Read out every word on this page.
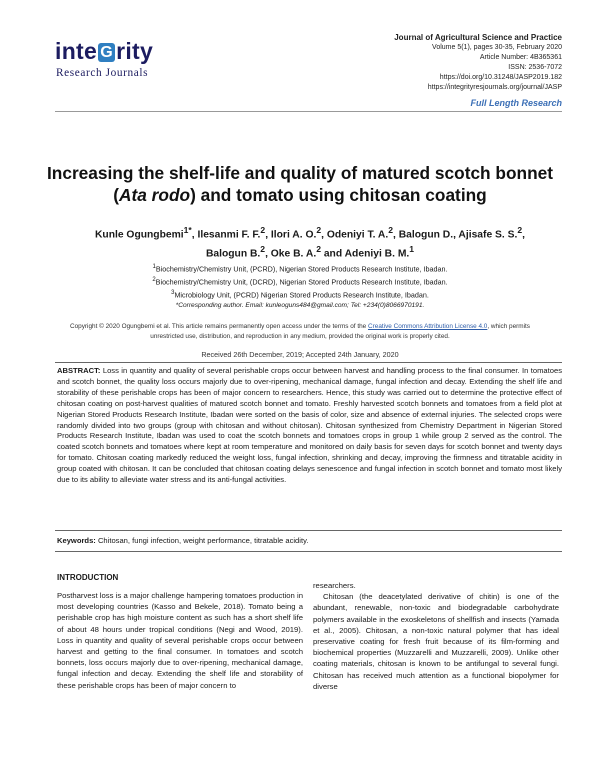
inte G rity
Research Journals
Journal of Agricultural Science and Practice
Volume 5(1), pages 30-35, February 2020
Article Number: 4B365361
ISSN: 2536-7072
https://doi.org/10.31248/JASP2019.182
https://integrityresjournals.org/journal/JASP
Full Length Research
Increasing the shelf-life and quality of matured scotch bonnet (Ata rodo) and tomato using chitosan coating
Kunle Ogungbemi$^{1*}$, Ilesanmi F. F.$^2$, Ilori A. O.$^2$, Odeniyi T. A.$^2$, Balogun D., Ajisafe S. S.$^2$,
Balogun B.$^2$, Oke B. A.$^2$ and Adeniyi B. M.$^1$
$^1$Biochemistry/Chemistry Unit, (PCRD), Nigerian Stored Products Research Institute, Ibadan.
$^2$Biochemistry/Chemistry Unit, (DCRD), Nigerian Stored Products Research Institute, Ibadan.
$^3$Microbiology Unit, (PCRD) Nigerian Stored Products Research Institute, Ibadan.
*Corresponding author. Email: kunleoguns484@gmail.com; Tel: +234(0)8066970191.
Copyright © 2020 Ogungbemi et al. This article remains permanently open access under the terms of the Creative Commons Attribution License 4.0, which permits unrestricted use, distribution, and reproduction in any medium, provided the original work is properly cited.
Received 26th December, 2019; Accepted 24th January, 2020
ABSTRACT: Loss in quantity and quality of several perishable crops occur between harvest and handling process to the final consumer. In tomatoes and scotch bonnet, the quality loss occurs majorly due to over-ripening, mechanical damage, fungal infection and decay. Extending the shelf life and storability of these perishable crops has been of major concern to researchers. Hence, this study was carried out to determine the protective effect of chitosan coating on post-harvest qualities of matured scotch bonnet and tomato. Freshly harvested scotch bonnets and tomatoes from a field plot at Nigerian Stored Products Research Institute, Ibadan were sorted on the basis of color, size and absence of external injuries. The selected crops were randomly divided into two groups (group with chitosan and without chitosan). Chitosan synthesized from Chemistry Department in Nigerian Stored Products Research Institute, Ibadan was used to coat the scotch bonnets and tomatoes crops in group 1 while group 2 served as the control. The coated scotch bonnets and tomatoes where kept at room temperature and monitored on daily basis for seven days for scotch bonnet and twenty days for tomato. Chitosan coating markedly reduced the weight loss, fungal infection, shrinking and decay, improving the firmness and titratable acidity in group coated with chitosan. It can be concluded that chitosan coating delays senescence and fungal infection in scotch bonnet and tomato most likely due to its ability to alleviate water stress and its anti-fungal activities.
Keywords: Chitosan, fungi infection, weight performance, titratable acidity.
INTRODUCTION

Postharvest loss is a major challenge hampering tomatoes production in most developing countries (Kasso and Bekele, 2018). Tomato being a perishable crop has high moisture content as such has a short shelf life of about 48 hours under tropical conditions (Negi and Wood, 2019). Loss in quantity and quality of several perishable crops occur between harvest and getting to the final consumer. In tomatoes and scotch bonnets, loss occurs majorly due to over-ripening, mechanical damage, fungal infection and decay. Extending the shelf life and storability of these perishable crops has been of major concern to

researchers.

Chitosan (the deacetylated derivative of chitin) is one of the abundant, renewable, non-toxic and biodegradable carbohydrate polymers available in the exoskeletons of shellfish and insects (Yamada et al., 2005). Chitosan, a non-toxic natural polymer that has ideal preservative coating for fresh fruit because of its film-forming and biochemical properties (Muzzarelli and Muzzarelli, 2009). Unlike other coating materials, chitosan is known to be antifungal to several fungi. Chitosan has received much attention as a functional biopolymer for diverse
